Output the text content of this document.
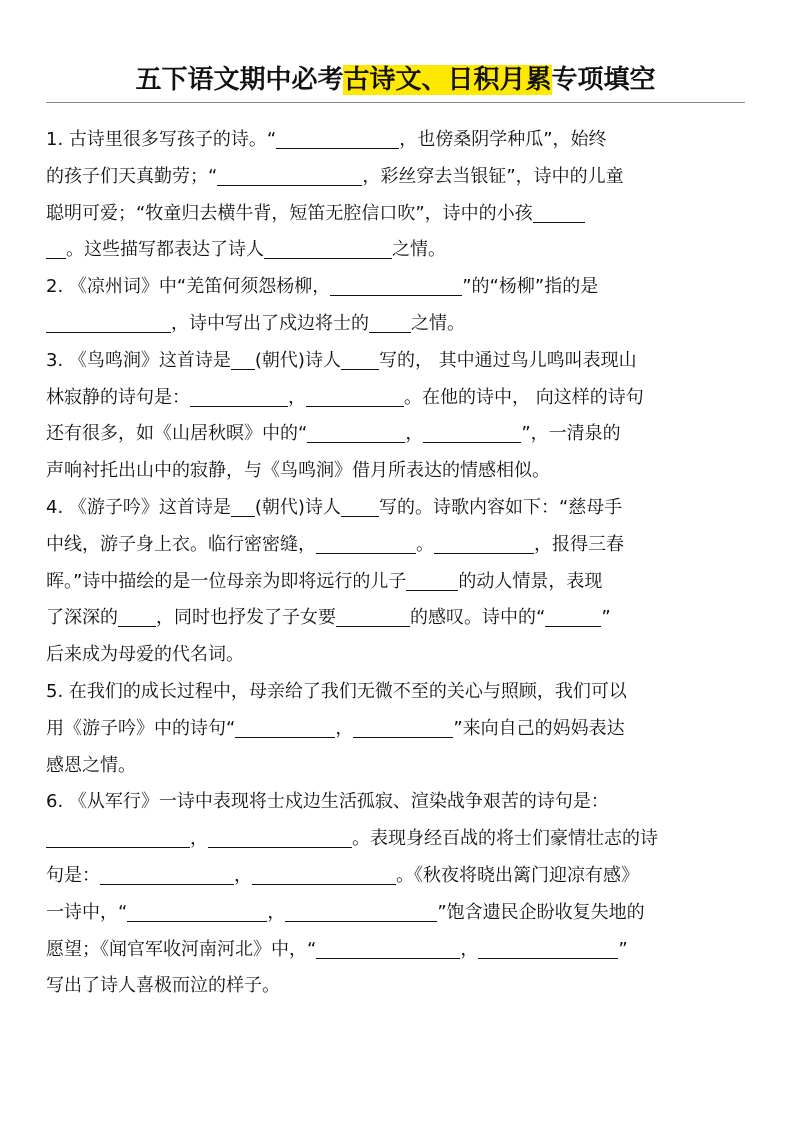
五下语文期中必考古诗文、日积月累专项填空
1. 古诗里很多写孩子的诗。“	，也傍桑阴学种瓜”，始终
的孩子们天真勤劳；“	，彩丝穿去当银钲”，诗中的儿童
聪明可爱；“牧童归去横牛背，短笛无腔信口吹”，诗中的小孩
。这些描写都表达了诗人	之情。
2. 《凉州词》中“羌笛何须怨杨柳，	”的“杨柳”指的是
，诗中写出了戍边将士的 之情。
3. 《鸟鸣涧》这首诗是 (朝代)诗人 写的， 其中通过鸟儿鸣叫表现山
林寂静的诗句是：	，	。在他的诗中， 向这样的诗句
还有很多，如《山居秋暝》中的“	，	”，一清泉的
声响衬托出山中的寂静，与《鸟鸣涧》借月所表达的情感相似。
4. 《游子吟》这首诗是 (朝代)诗人 写的。诗歌内容如下：“慈母手
中线，游子身上衣。临行密密缝，	。	，报得三春
晖。”诗中描绘的是一位母亲为即将远行的儿子	的动人情景，表现
了深深的 ，同时也抒发了子女要	的感叹。诗中的“	”
后来成为母爱的代名词。
5. 在我们的成长过程中，母亲给了我们无微不至的关心与照顾，我们可以
用《游子吟》中的诗句“	，	”来向自己的妈妈表达
感恩之情。
6. 《从军行》一诗中表现将士戍边生活孤寂、渲染战争艰苦的诗句是：
，	。表现身经百战的将士们豪情壮志的诗
句是：	，	。《秋夜将晓出篱门迎凉有感》
一诗中，“	，	”饱含遗民企盼收复失地的
愿望；《闻官军收河南河北》中，“	，	”
写出了诗人喜极而泣的样子。
